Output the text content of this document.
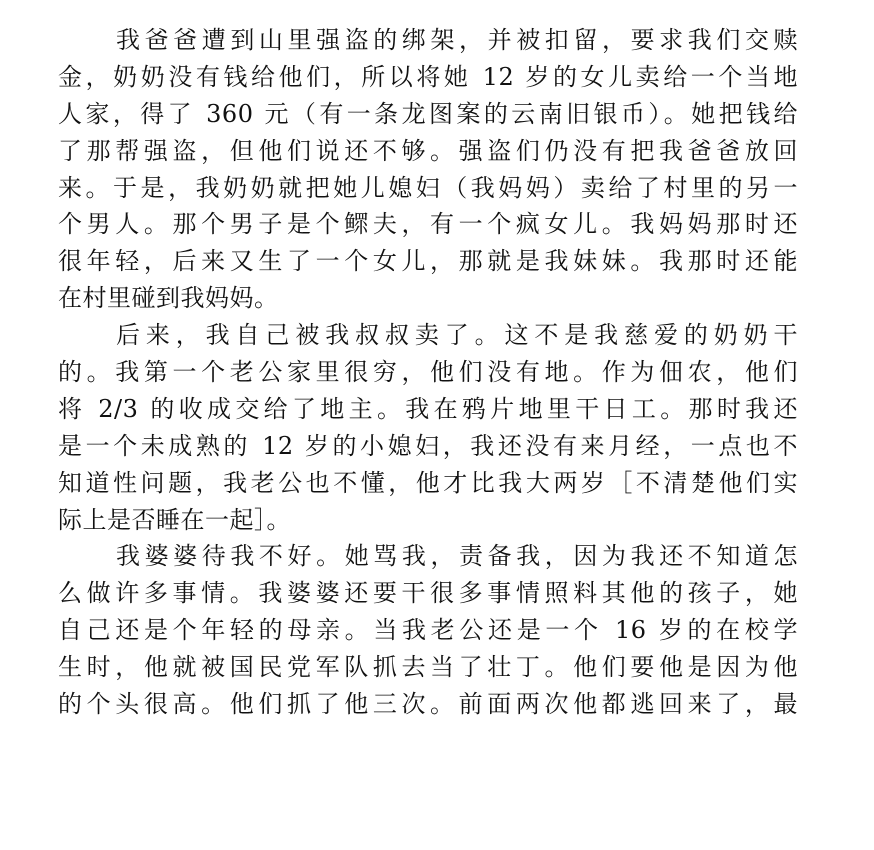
我爸爸遭到山里强盗的绑架，并被扣留，要求我们交赎
金，奶奶没有钱给他们，所以将她 12 岁的女儿卖给一个当地
人家，得了 360 元（有一条龙图案的云南旧银币）。她把钱给
了那帮强盗，但他们说还不够。强盗们仍没有把我爸爸放回
来。于是，我奶奶就把她儿媳妇（我妈妈）卖给了村里的另一
个男人。那个男子是个鳏夫，有一个疯女儿。我妈妈那时还
很年轻，后来又生了一个女儿，那就是我妹妹。我那时还能
在村里碰到我妈妈。
后来，我自己被我叔叔卖了。这不是我慈爱的奶奶干
的。我第一个老公家里很穷，他们没有地。作为佃农，他们
将 2/3 的收成交给了地主。我在鸦片地里干日工。那时我还
是一个未成熟的 12 岁的小媳妇，我还没有来月经，一点也不
知道性问题，我老公也不懂，他才比我大两岁［不清楚他们实
际上是否睡在一起］。
我婆婆待我不好。她骂我，责备我，因为我还不知道怎
么做许多事情。我婆婆还要干很多事情照料其他的孩子，她
自己还是个年轻的母亲。当我老公还是一个 16 岁的在校学
生时，他就被国民党军队抓去当了壮丁。他们要他是因为他
的个头很高。他们抓了他三次。前面两次他都逃回来了，最
